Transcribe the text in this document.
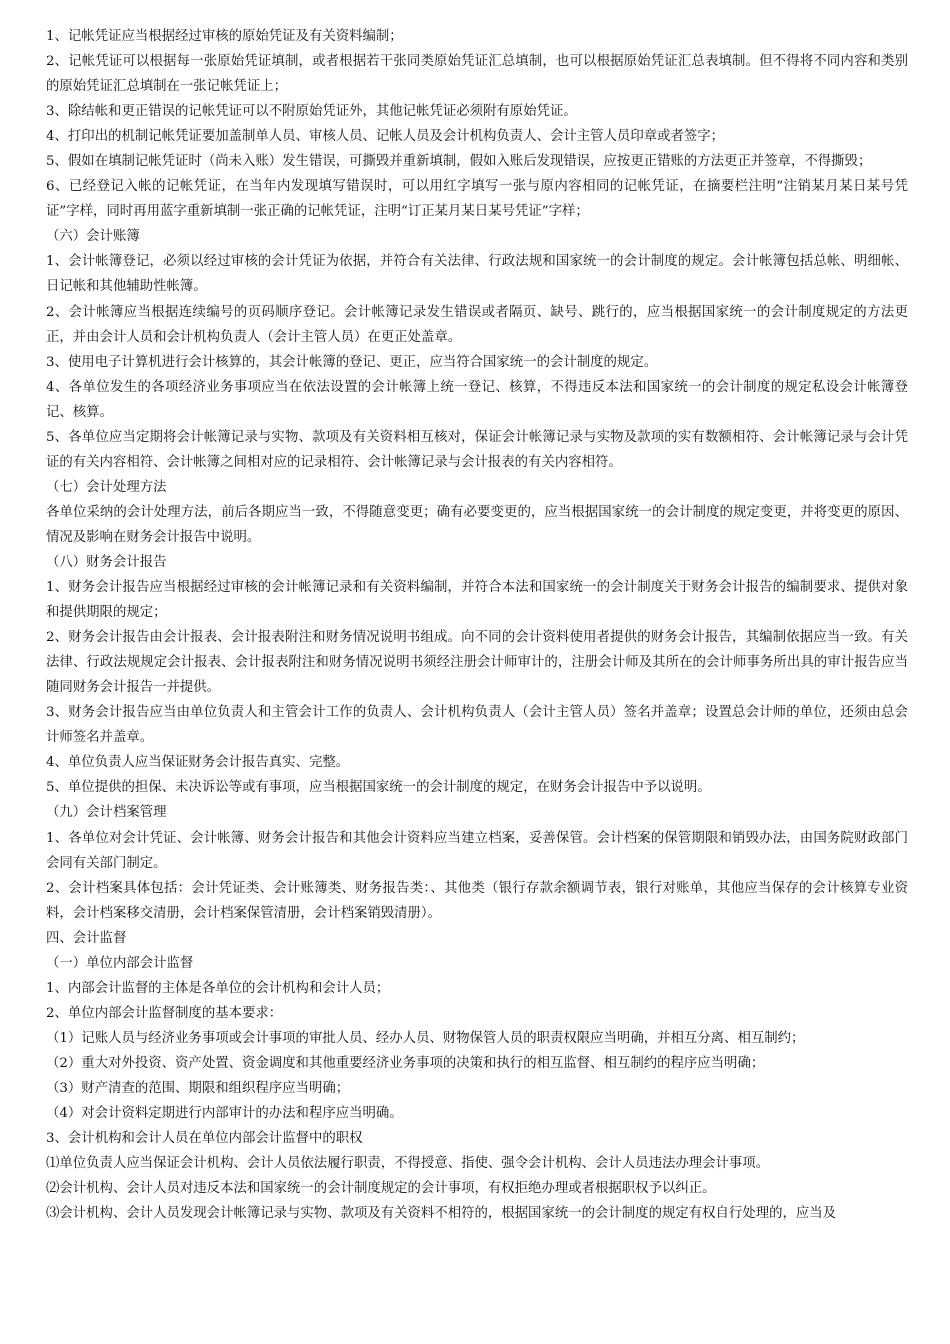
1、记帐凭证应当根据经过审核的原始凭证及有关资料编制；

2、记帐凭证可以根据每一张原始凭证填制，或者根据若干张同类原始凭证汇总填制，也可以根据原始凭证汇总表填制。但不得将不同内容和类别的原始凭证汇总填制在一张记帐凭证上；

3、除结帐和更正错误的记帐凭证可以不附原始凭证外，其他记帐凭证必须附有原始凭证。

4、打印出的机制记帐凭证要加盖制单人员、审核人员、记帐人员及会计机构负责人、会计主管人员印章或者签字；

5、假如在填制记帐凭证时（尚未入账）发生错误，可撕毁并重新填制，假如入账后发现错误，应按更正错账的方法更正并签章，不得撕毁；

6、已经登记入帐的记帐凭证，在当年内发现填写错误时，可以用红字填写一张与原内容相同的记帐凭证，在摘要栏注明“注销某月某日某号凭证”字样，同时再用蓝字重新填制一张正确的记帐凭证，注明“订正某月某日某号凭证”字样；

（六）会计账簿

1、会计帐簿登记，必须以经过审核的会计凭证为依据，并符合有关法律、行政法规和国家统一的会计制度的规定。会计帐簿包括总帐、明细帐、日记帐和其他辅助性帐簿。

2、会计帐簿应当根据连续编号的页码顺序登记。会计帐簿记录发生错误或者隔页、缺号、跳行的，应当根据国家统一的会计制度规定的方法更正，并由会计人员和会计机构负责人（会计主管人员）在更正处盖章。

3、使用电子计算机进行会计核算的，其会计帐簿的登记、更正，应当符合国家统一的会计制度的规定。

4、各单位发生的各项经济业务事项应当在依法设置的会计帐簿上统一登记、核算，不得违反本法和国家统一的会计制度的规定私设会计帐簿登记、核算。

5、各单位应当定期将会计帐簿记录与实物、款项及有关资料相互核对，保证会计帐簿记录与实物及款项的实有数额相符、会计帐簿记录与会计凭证的有关内容相符、会计帐簿之间相对应的记录相符、会计帐簿记录与会计报表的有关内容相符。

（七）会计处理方法

各单位采纳的会计处理方法，前后各期应当一致，不得随意变更；确有必要变更的，应当根据国家统一的会计制度的规定变更，并将变更的原因、情况及影响在财务会计报告中说明。

（八）财务会计报告

1、财务会计报告应当根据经过审核的会计帐簿记录和有关资料编制，并符合本法和国家统一的会计制度关于财务会计报告的编制要求、提供对象和提供期限的规定；

2、财务会计报告由会计报表、会计报表附注和财务情况说明书组成。向不同的会计资料使用者提供的财务会计报告，其编制依据应当一致。有关法律、行政法规规定会计报表、会计报表附注和财务情况说明书须经注册会计师审计的，注册会计师及其所在的会计师事务所出具的审计报告应当随同财务会计报告一并提供。

3、财务会计报告应当由单位负责人和主管会计工作的负责人、会计机构负责人（会计主管人员）签名并盖章；设置总会计师的单位，还须由总会计师签名并盖章。

4、单位负责人应当保证财务会计报告真实、完整。

5、单位提供的担保、未决诉讼等或有事项，应当根据国家统一的会计制度的规定，在财务会计报告中予以说明。

（九）会计档案管理

1、各单位对会计凭证、会计帐簿、财务会计报告和其他会计资料应当建立档案，妥善保管。会计档案的保管期限和销毁办法，由国务院财政部门会同有关部门制定。

2、会计档案具体包括：会计凭证类、会计账簿类、财务报告类：、其他类（银行存款余额调节表，银行对账单，其他应当保存的会计核算专业资料，会计档案移交清册，会计档案保管清册，会计档案销毁清册）。

四、会计监督

（一）单位内部会计监督

1、内部会计监督的主体是各单位的会计机构和会计人员；

2、单位内部会计监督制度的基本要求：

（1）记账人员与经济业务事项或会计事项的审批人员、经办人员、财物保管人员的职责权限应当明确，并相互分离、相互制约；

（2）重大对外投资、资产处置、资金调度和其他重要经济业务事项的决策和执行的相互监督、相互制约的程序应当明确；

（3）财产清查的范围、期限和组织程序应当明确；

（4）对会计资料定期进行内部审计的办法和程序应当明确。

3、会计机构和会计人员在单位内部会计监督中的职权

⑴单位负责人应当保证会计机构、会计人员依法履行职责，不得授意、指使、强令会计机构、会计人员违法办理会计事项。

⑵会计机构、会计人员对违反本法和国家统一的会计制度规定的会计事项，有权拒绝办理或者根据职权予以纠正。

⑶会计机构、会计人员发现会计帐簿记录与实物、款项及有关资料不相符的，根据国家统一的会计制度的规定有权自行处理的，应当及
